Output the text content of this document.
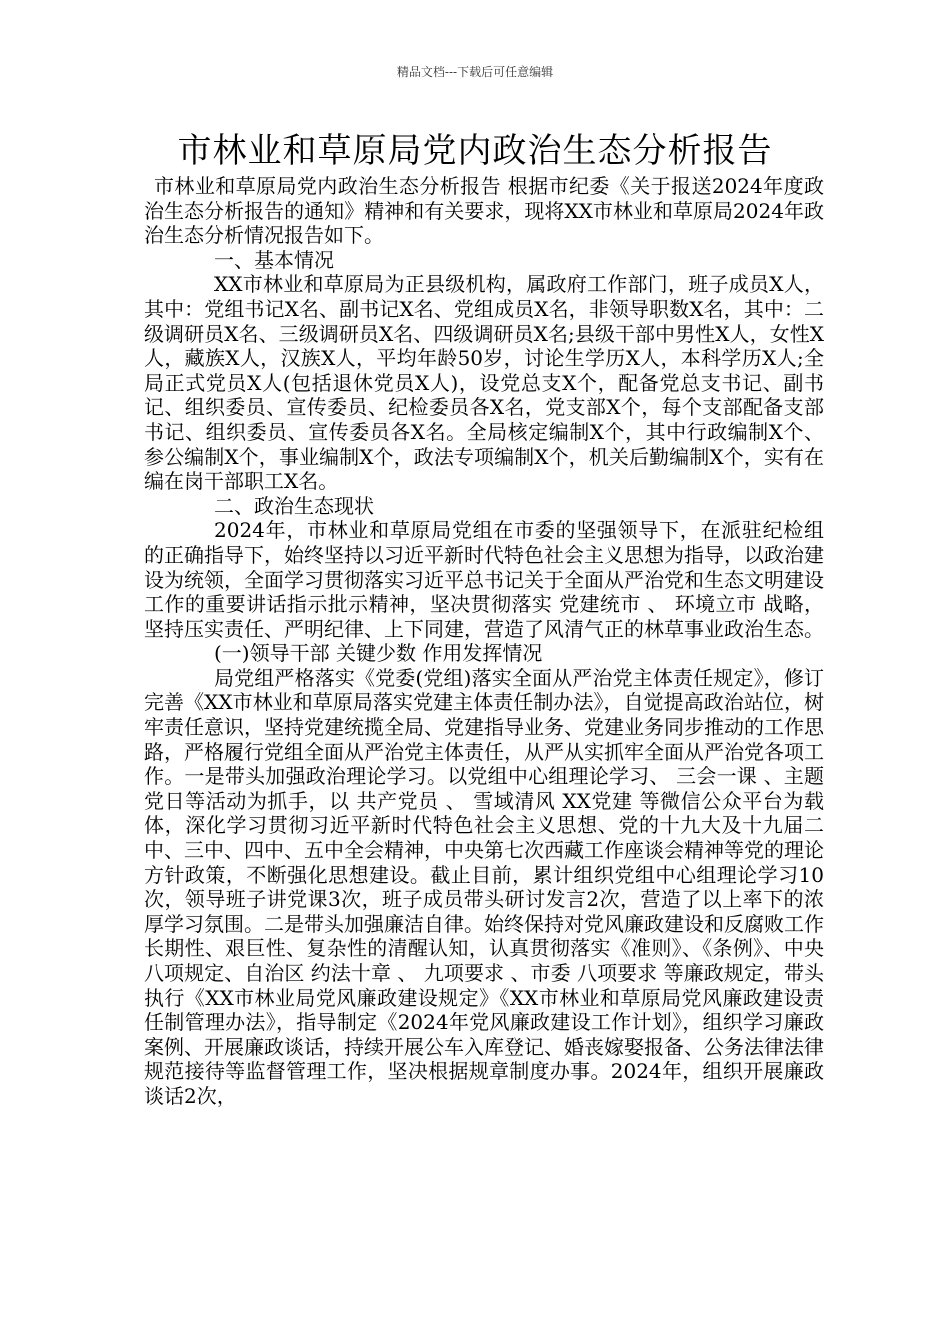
精品文档---下载后可任意编辑
市林业和草原局党内政治生态分析报告

市林业和草原局党内政治生态分析报告 根据市纪委《关于报送2024年度政治生态分析报告的通知》精神和有关要求，现将XX市林业和草原局2024年政治生态分析情况报告如下。

一、基本情况

XX市林业和草原局为正县级机构，属政府工作部门，班子成员X人，其中：党组书记X名、副书记X名、党组成员X名，非领导职数X名，其中：二级调研员X名、三级调研员X名、四级调研员X名;县级干部中男性X人，女性X人，藏族X人，汉族X人，平均年龄50岁，讨论生学历X人，本科学历X人;全局正式党员X人(包括退休党员X人)，设党总支X个，配备党总支书记、副书记、组织委员、宣传委员、纪检委员各X名，党支部X个，每个支部配备支部书记、组织委员、宣传委员各X名。全局核定编制X个，其中行政编制X个、参公编制X个，事业编制X个，政法专项编制X个，机关后勤编制X个，实有在编在岗干部职工X名。

二、政治生态现状

2024年，市林业和草原局党组在市委的坚强领导下，在派驻纪检组的正确指导下，始终坚持以习近平新时代特色社会主义思想为指导，以政治建设为统领，全面学习贯彻落实习近平总书记关于全面从严治党和生态文明建设工作的重要讲话指示批示精神，坚决贯彻落实 党建统市 、 环境立市 战略，坚持压实责任、严明纪律、上下同建，营造了风清气正的林草事业政治生态。

(一)领导干部 关键少数 作用发挥情况

局党组严格落实《党委(党组)落实全面从严治党主体责任规定》，修订完善《XX市林业和草原局落实党建主体责任制办法》，自觉提高政治站位，树牢责任意识，坚持党建统揽全局、党建指导业务、党建业务同步推动的工作思路，严格履行党组全面从严治党主体责任，从严从实抓牢全面从严治党各项工作。一是带头加强政治理论学习。以党组中心组理论学习、 三会一课 、主题党日等活动为抓手，以 共产党员 、 雪域清风 XX党建 等微信公众平台为载体，深化学习贯彻习近平新时代特色社会主义思想、党的十九大及十九届二中、三中、四中、五中全会精神，中央第七次西藏工作座谈会精神等党的理论方针政策，不断强化思想建设。截止目前，累计组织党组中心组理论学习10次，领导班子讲党课3次，班子成员带头研讨发言2次，营造了以上率下的浓厚学习氛围。二是带头加强廉洁自律。始终保持对党风廉政建设和反腐败工作长期性、艰巨性、复杂性的清醒认知，认真贯彻落实《准则》、《条例》、中央八项规定、自治区 约法十章 、 九项要求 、市委 八项要求 等廉政规定，带头执行《XX市林业局党风廉政建设规定》《XX市林业和草原局党风廉政建设责任制管理办法》，指导制定《2024年党风廉政建设工作计划》，组织学习廉政案例、开展廉政谈话，持续开展公车入库登记、婚丧嫁娶报备、公务法律法律规范接待等监督管理工作，坚决根据规章制度办事。2024年，组织开展廉政谈话2次，
